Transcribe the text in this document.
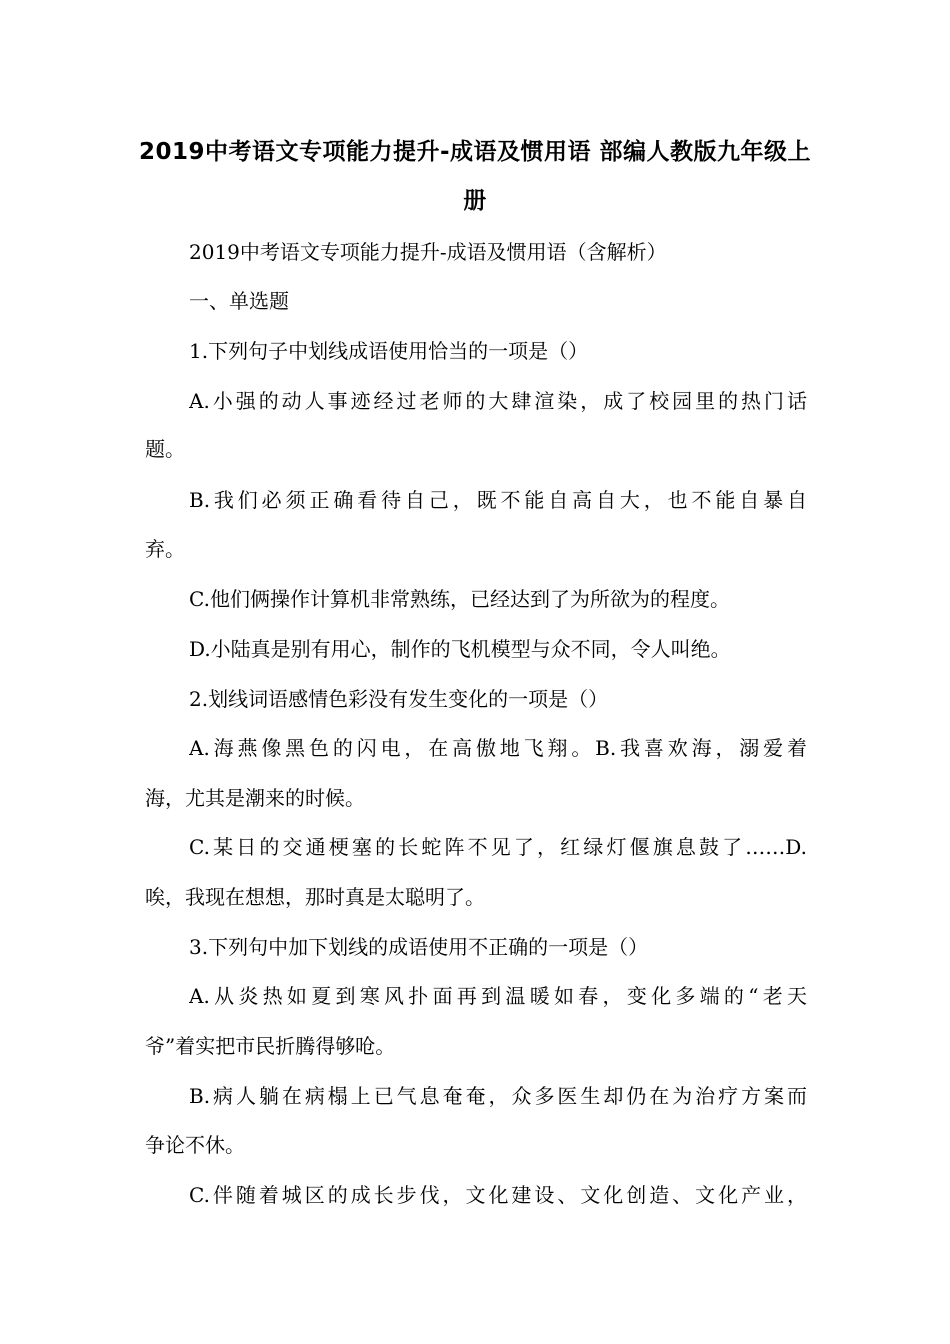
2019中考语文专项能力提升-成语及惯用语 部编人教版九年级上
册
2019中考语文专项能力提升-成语及惯用语（含解析）
一、单选题
1.下列句子中划线成语使用恰当的一项是（）
A.小强的动人事迹经过老师的大肆渲染，成了校园里的热门话
题。
B.我们必须正确看待自己，既不能自高自大，也不能自暴自
弃。
C.他们俩操作计算机非常熟练，已经达到了为所欲为的程度。
D.小陆真是别有用心，制作的飞机模型与众不同，令人叫绝。
2.划线词语感情色彩没有发生变化的一项是（）
A.海燕像黑色的闪电，在高傲地飞翔。B.我喜欢海，溺爱着
海，尤其是潮来的时候。
C.某日的交通梗塞的长蛇阵不见了，红绿灯偃旗息鼓了……D.
唉，我现在想想，那时真是太聪明了。
3.下列句中加下划线的成语使用不正确的一项是（）
A.从炎热如夏到寒风扑面再到温暖如春，变化多端的“老天
爷”着实把市民折腾得够呛。
B.病人躺在病榻上已气息奄奄，众多医生却仍在为治疗方案而
争论不休。
C.伴随着城区的成长步伐，文化建设、文化创造、文化产业，
